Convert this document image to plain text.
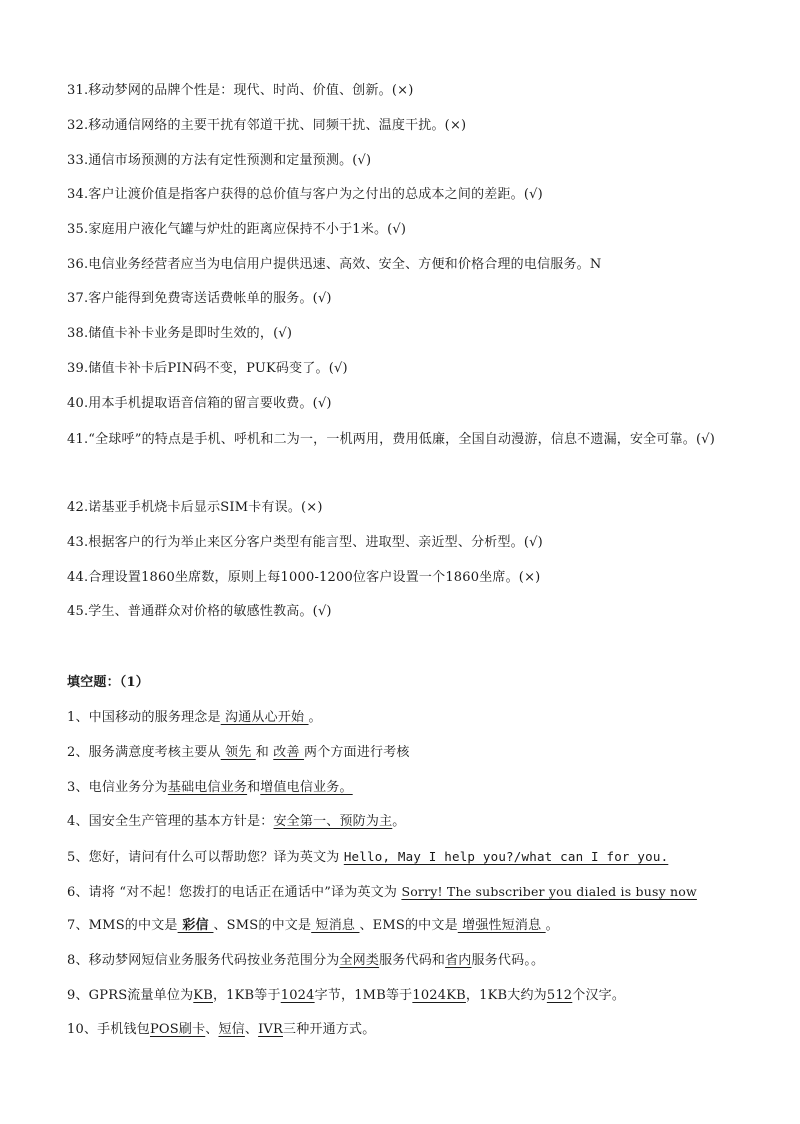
31.移动梦网的品牌个性是：现代、时尚、价值、创新。(×)
32.移动通信网络的主要干扰有邻道干扰、同频干扰、温度干扰。(×)
33.通信市场预测的方法有定性预测和定量预测。(√)
34.客户让渡价值是指客户获得的总价值与客户为之付出的总成本之间的差距。(√)
35.家庭用户液化气罐与炉灶的距离应保持不小于1米。(√)
36.电信业务经营者应当为电信用户提供迅速、高效、安全、方便和价格合理的电信服务。N
37.客户能得到免费寄送话费帐单的服务。(√)
38.储值卡补卡业务是即时生效的，(√)
39.储值卡补卡后PIN码不变，PUK码变了。(√)
40.用本手机提取语音信箱的留言要收费。(√)
41.“全球呼”的特点是手机、呼机和二为一，一机两用，费用低廉，全国自动漫游，信息不遗漏，安全可靠。(√)
42.诺基亚手机烧卡后显示SIM卡有误。(×)
43.根据客户的行为举止来区分客户类型有能言型、进取型、亲近型、分析型。(√)
44.合理设置1860坐席数，原则上每1000-1200位客户设置一个1860坐席。(×)
45.学生、普通群众对价格的敏感性教高。(√)
填空题：（1）
1、中国移动的服务理念是 沟通从心开始 。
2、服务满意度考核主要从 领先 和 改善 两个方面进行考核
3、电信业务分为基础电信业务和增值电信业务。
4、国安全生产管理的基本方针是：安全第一、预防为主。
5、您好，请问有什么可以帮助您？译为英文为 Hello, May I help you?/what can I for you.
6、请将 “对不起！您拨打的电话正在通话中”译为英文为 Sorry! The subscriber you dialed is busy now
7、MMS的中文是 彩信 、SMS的中文是 短消息 、EMS的中文是 增强性短消息 。
8、移动梦网短信业务服务代码按业务范围分为全网类服务代码和省内服务代码。。
9、GPRS流量单位为KB，1KB等于1024字节，1MB等于1024KB，1KB大约为512个汉字。
10、手机钱包POS刷卡、短信、IVR三种开通方式。
